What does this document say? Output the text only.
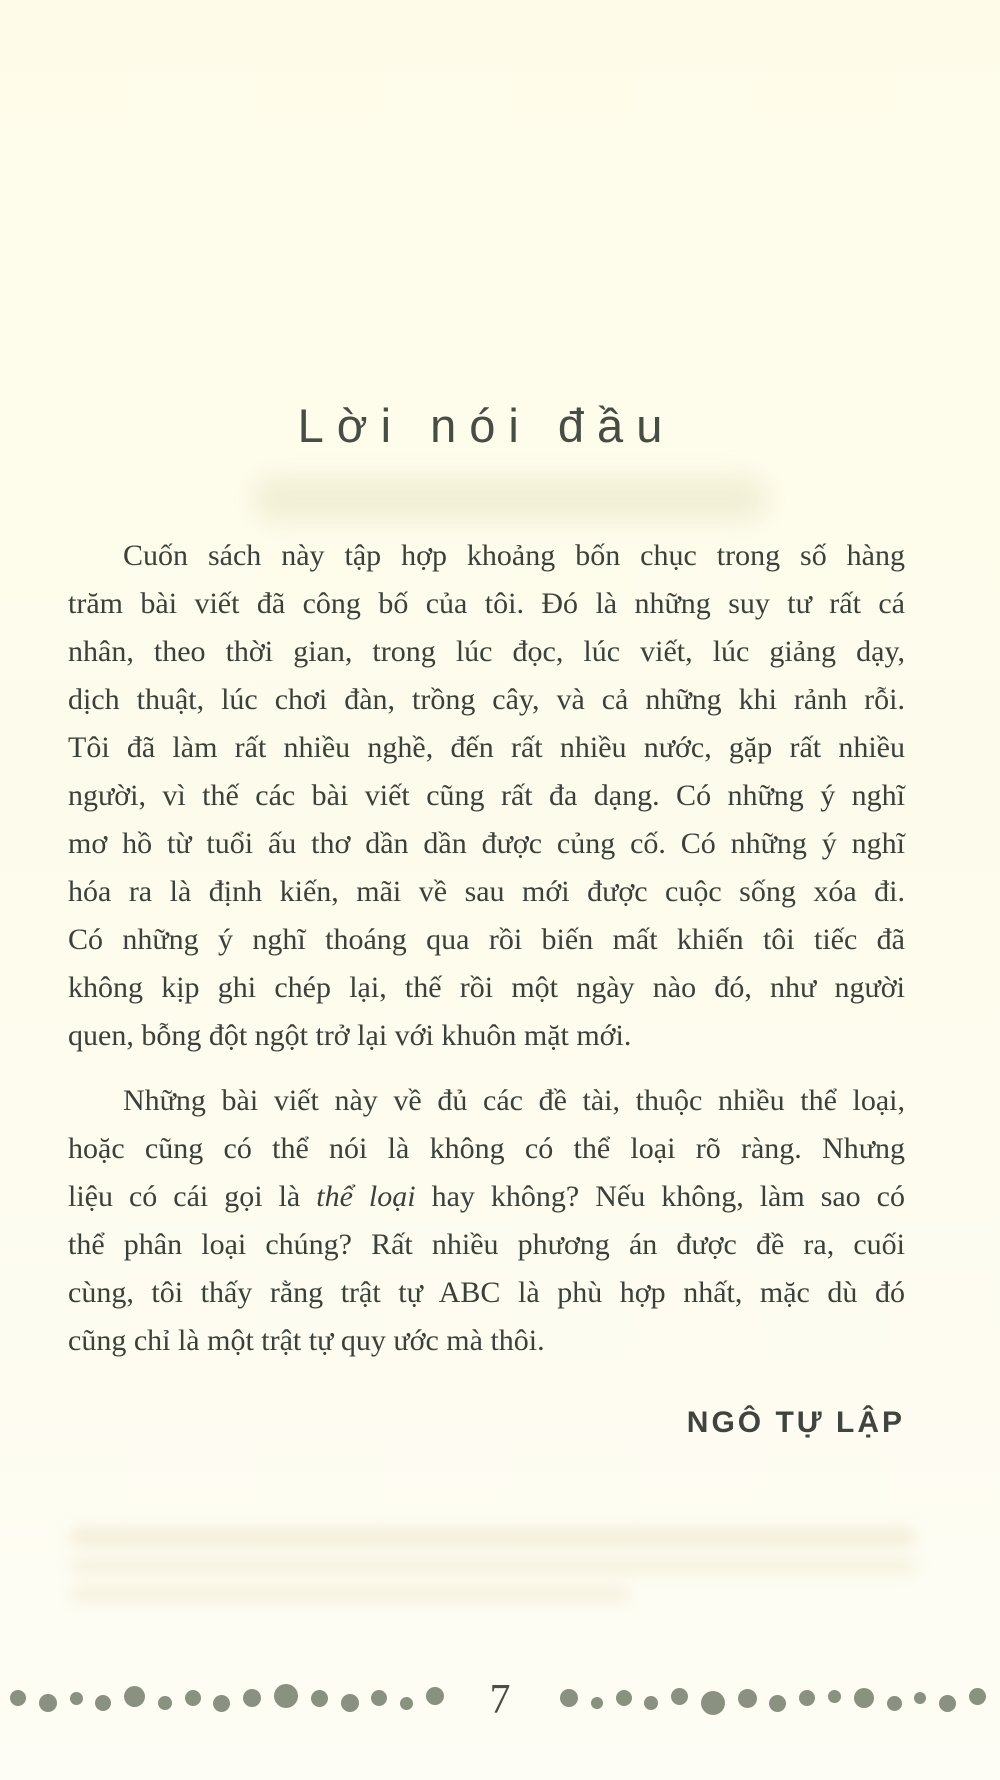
Lời nói đầu
Cuốn sách này tập hợp khoảng bốn chục trong số hàng
trăm bài viết đã công bố của tôi. Đó là những suy tư rất cá
nhân, theo thời gian, trong lúc đọc, lúc viết, lúc giảng dạy,
dịch thuật, lúc chơi đàn, trồng cây, và cả những khi rảnh rỗi.
Tôi đã làm rất nhiều nghề, đến rất nhiều nước, gặp rất nhiều
người, vì thế các bài viết cũng rất đa dạng. Có những ý nghĩ
mơ hồ từ tuổi ấu thơ dần dần được củng cố. Có những ý nghĩ
hóa ra là định kiến, mãi về sau mới được cuộc sống xóa đi.
Có những ý nghĩ thoáng qua rồi biến mất khiến tôi tiếc đã
không kịp ghi chép lại, thế rồi một ngày nào đó, như người
quen, bỗng đột ngột trở lại với khuôn mặt mới.
Những bài viết này về đủ các đề tài, thuộc nhiều thể loại,
hoặc cũng có thể nói là không có thể loại rõ ràng. Nhưng
liệu có cái gọi là thể loại hay không? Nếu không, làm sao có
thể phân loại chúng? Rất nhiều phương án được đề ra, cuối
cùng, tôi thấy rằng trật tự ABC là phù hợp nhất, mặc dù đó
cũng chỉ là một trật tự quy ước mà thôi.
NGÔ TỰ LẬP
7
